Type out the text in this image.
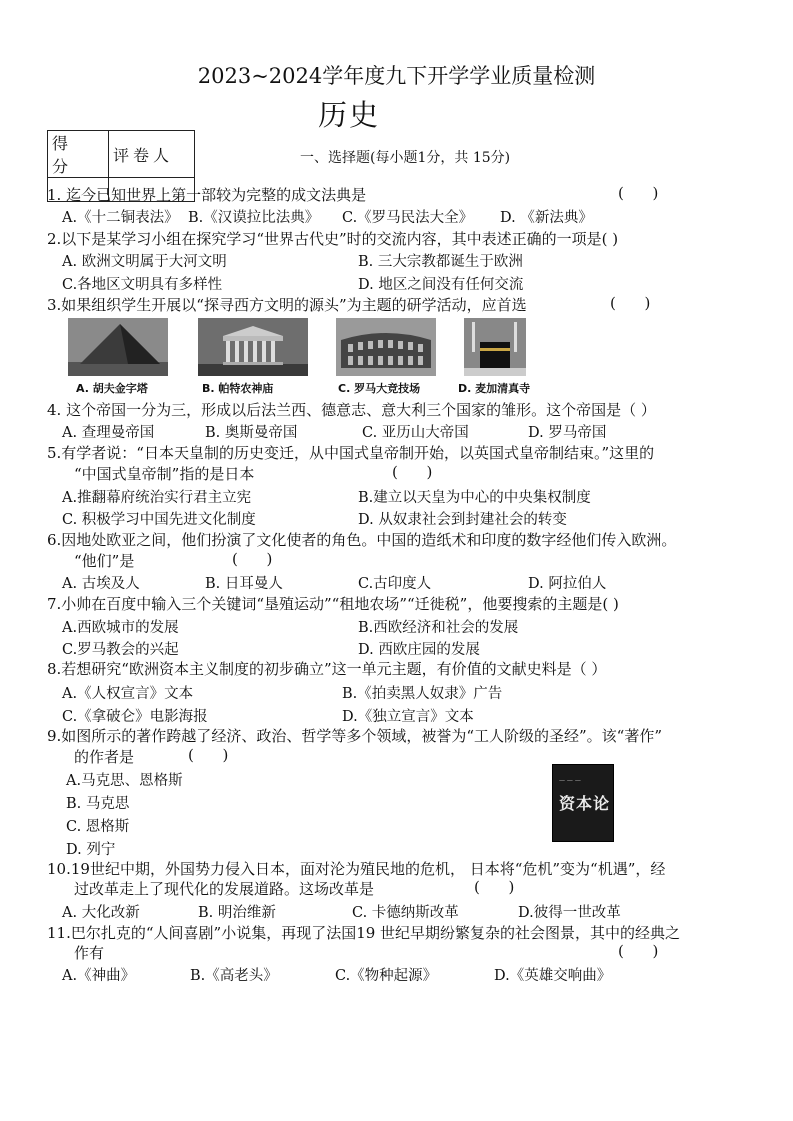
2023~2024学年度九下开学学业质量检测
历史
得 分	评卷人
		一、选择题(每小题1分，共 15分)
1. 迄今已知世界上第一部较为完整的成文法典是	(      )
A.《十二铜表法》 B.《汉谟拉比法典》 C.《罗马民法大全》 D. 《新法典》
2.以下是某学习小组在探究学习“世界古代史”时的交流内容，其中表述正确的一项是( )
A. 欧洲文明属于大河文明	B. 三大宗教都诞生于欧洲
C.各地区文明具有多样性	D. 地区之间没有任何交流
3.如果组织学生开展以“探寻西方文明的源头”为主题的研学活动，应首选	(      )
A. 胡夫金字塔	B. 帕特农神庙	C. 罗马大竞技场	D. 麦加清真寺
4. 这个帝国一分为三，形成以后法兰西、德意志、意大利三个国家的雏形。这个帝国是（ ）
A. 查理曼帝国	B. 奥斯曼帝国	C. 亚历山大帝国	D. 罗马帝国
5.有学者说：“日本天皇制的历史变迁，从中国式皇帝制开始，以英国式皇帝制结束。”这里的
“中国式皇帝制”指的是日本	(      )
A.推翻幕府统治实行君主立宪	B.建立以天皇为中心的中央集权制度
C. 积极学习中国先进文化制度	D. 从奴隶社会到封建社会的转变
6.因地处欧亚之间，他们扮演了文化使者的角色。中国的造纸术和印度的数字经他们传入欧洲。
“他们”是	(      )
A. 古埃及人	B. 日耳曼人	C.古印度人	D. 阿拉伯人
7.小帅在百度中输入三个关键词“垦殖运动”“租地农场”“迁徙税”，他要搜索的主题是( )
A.西欧城市的发展	B.西欧经济和社会的发展
C.罗马教会的兴起	D. 西欧庄园的发展
8.若想研究“欧洲资本主义制度的初步确立”这一单元主题，有价值的文献史料是（ ）
A.《人权宣言》文本	B.《拍卖黑人奴隶》广告
C.《拿破仑》电影海报	D.《独立宣言》文本
9.如图所示的著作跨越了经济、政治、哲学等多个领域，被誉为“工人阶级的圣经”。该“著作”
的作者是	(      )
A.马克思、恩格斯
B. 马克思
C. 恩格斯
D. 列宁
— — —
资本论
10.19世纪中期，外国势力侵入日本，面对沦为殖民地的危机， 日本将“危机”变为“机遇”，经
过改革走上了现代化的发展道路。这场改革是	(      )
A. 大化改新	B. 明治维新	C. 卡德纳斯改革	D.彼得一世改革
11.巴尔扎克的“人间喜剧”小说集，再现了法国19 世纪早期纷繁复杂的社会图景，其中的经典之
作有	(      )
A.《神曲》	B.《高老头》	C.《物种起源》	D.《英雄交响曲》
